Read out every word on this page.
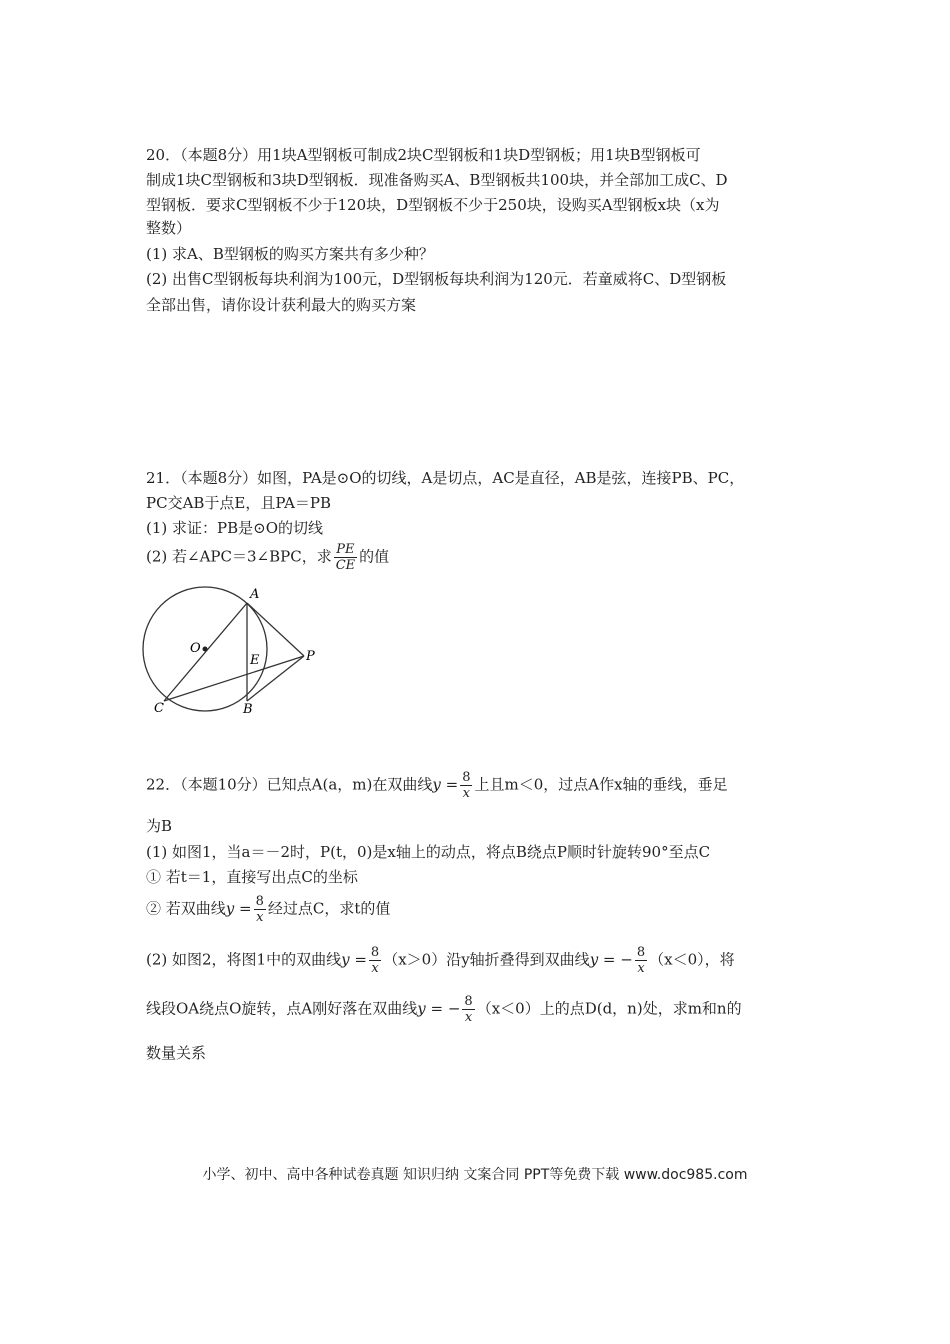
20．（本题8分）用1块A型钢板可制成2块C型钢板和1块D型钢板；用1块B型钢板可
制成1块C型钢板和3块D型钢板．现准备购买A、B型钢板共100块，并全部加工成C、D
型钢板．要求C型钢板不少于120块，D型钢板不少于250块，设购买A型钢板x块（x为
整数）
(1) 求A、B型钢板的购买方案共有多少种？
(2) 出售C型钢板每块利润为100元，D型钢板每块利润为120元．若童威将C、D型钢板
全部出售，请你设计获利最大的购买方案
21．（本题8分）如图，PA是⊙O的切线，A是切点，AC是直径，AB是弦，连接PB、PC，
PC交AB于点E，且PA＝PB
(1) 求证：PB是⊙O的切线
(2) 若∠APC＝3∠BPC，求 $\frac{PE}{CE}$ 的值
A
O
E	P
C	B
22．（本题10分）已知点A(a，m)在双曲线$y = \frac{8}{x}$ 上且m＜0，过点A作x轴的垂线，垂足
为B
(1) 如图1，当a＝－2时，P(t，0)是x轴上的动点，将点B绕点P顺时针旋转90°至点C
① 若t＝1，直接写出点C的坐标
② 若双曲线$y = \frac{8}{x}$ 经过点C，求t的值
(2) 如图2，将图1中的双曲线$y = \frac{8}{x} (x>0)$沿y轴折叠得到双曲线y = − $\frac{8}{x} (x<0)$，将
线段OA绕点O旋转，点A刚好落在双曲线y = − $\frac{8}{x} (x<0)$上的点D(d，n)处，求m和n的
数量关系
小学、初中、高中各种试卷真题 知识归纳 文案合同 PPT等免费下载 www.doc985.com
